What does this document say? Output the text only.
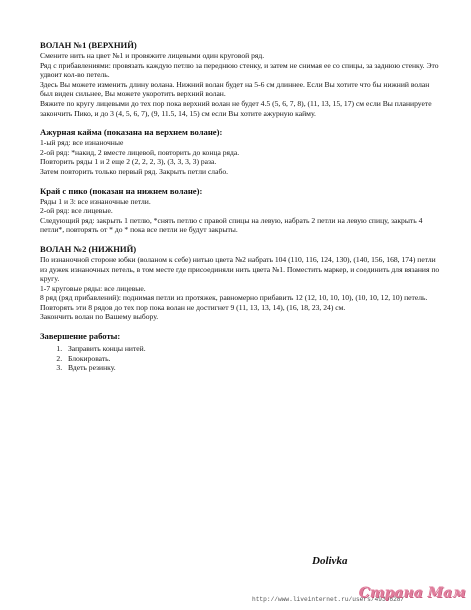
ВОЛАН №1 (ВЕРХНИЙ)

Смените нить на цвет №1 и провяжите лицевыми один круговой ряд.

Ряд с прибавлениями: провязать каждую петлю за переднюю стенку, и затем не снимая ее со спицы, за заднюю стенку. Это удвоит кол-во петель.

Здесь Вы можете изменить длину волана. Нижний волан будет на 5-6 см длиннее. Если Вы хотите что бы нижний волан был виден сильнее, Вы можете укоротить верхний волан.

Вяжите по кругу лицевыми до тех пор пока верхний волан не будет 4.5 (5, 6, 7, 8), (11, 13, 15, 17) см если Вы планируете закончить Пико, и до 3 (4, 5, 6, 7), (9, 11.5, 14, 15) см если Вы хотите ажурную кайму.

Ажурная кайма (показана на верхнем волане):

1-ый ряд: все изнаночные

2-ой ряд: *накид, 2 вместе лицевой, повторить до конца ряда.

Повторить ряды 1 и 2 еще 2 (2, 2, 2, 3), (3, 3, 3, 3) раза.

Затем повторить только первый ряд. Закрыть петли слабо.

Край с пико (показан на нижнем волане):

Ряды 1 и 3: все изнаночные петли.

2-ой ряд: все лицевые.

Следующий ряд: закрыть 1 петлю, *снять петлю с правой спицы на левую, набрать 2 петли на левую спицу, закрыть 4 петли*, повторять от * до * пока все петли не будут закрыты.

ВОЛАН №2 (НИЖНИЙ)

По изнаночной стороне юбки (воланом к себе) нитью цвета №2 набрать 104 (110, 116, 124, 130), (140, 156, 168, 174) петли из дужек изнаночных петель, в том месте где присоединяли нить цвета №1. Поместить маркер, и соединить для вязания по кругу.

1-7 круговые ряды: все лицевые.

8 ряд (ряд прибавлений): поднимая петли из протяжек, равномерно прибавить 12 (12, 10, 10, 10), (10, 10, 12, 10) петель.

Повторять эти 8 рядов до тех пор пока волан не достигнет 9 (11, 13, 13, 14), (16, 18, 23, 24) см.

Закончить волан по Вашему выбору.

Завершение работы:

1. Заправить концы нитей.
2. Блокировать.
3. Вдеть резинку.
Dolivka
http://www.liveinternet.ru/users/4930628/
Страна Мам
